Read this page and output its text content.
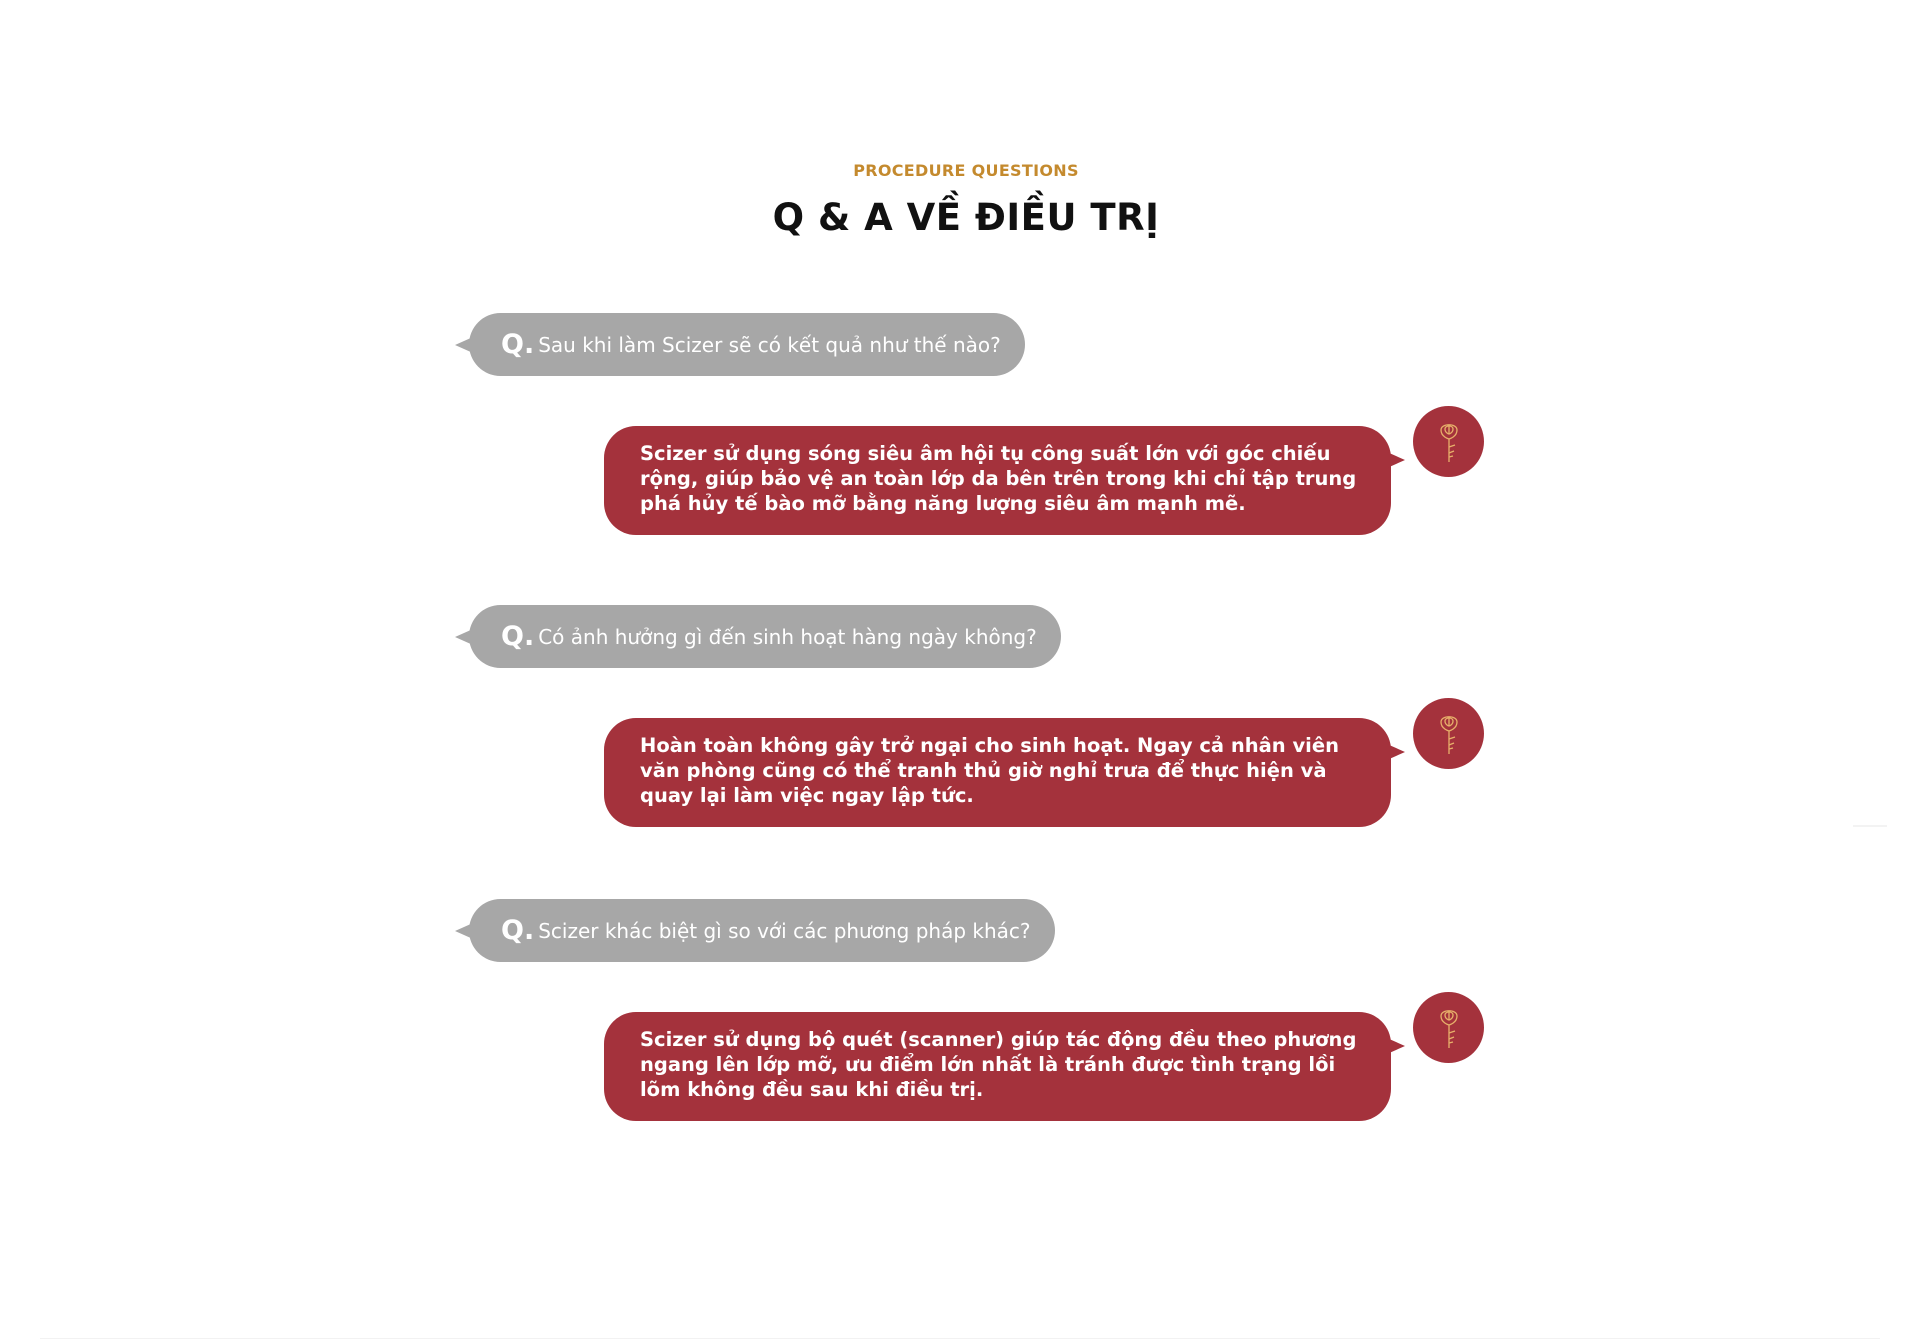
PROCEDURE QUESTIONS
Q & A VỀ ĐIỀU TRỊ
Q. Sau khi làm Scizer sẽ có kết quả như thế nào?
Scizer sử dụng sóng siêu âm hội tụ công suất lớn với góc chiếu rộng, giúp bảo vệ an toàn lớp da bên trên trong khi chỉ tập trung phá hủy tế bào mỡ bằng năng lượng siêu âm mạnh mẽ.
Q. Có ảnh hưởng gì đến sinh hoạt hàng ngày không?
Hoàn toàn không gây trở ngại cho sinh hoạt. Ngay cả nhân viên văn phòng cũng có thể tranh thủ giờ nghỉ trưa để thực hiện và quay lại làm việc ngay lập tức.
Q. Scizer khác biệt gì so với các phương pháp khác?
Scizer sử dụng bộ quét (scanner) giúp tác động đều theo phương ngang lên lớp mỡ, ưu điểm lớn nhất là tránh được tình trạng lồi lõm không đều sau khi điều trị.
